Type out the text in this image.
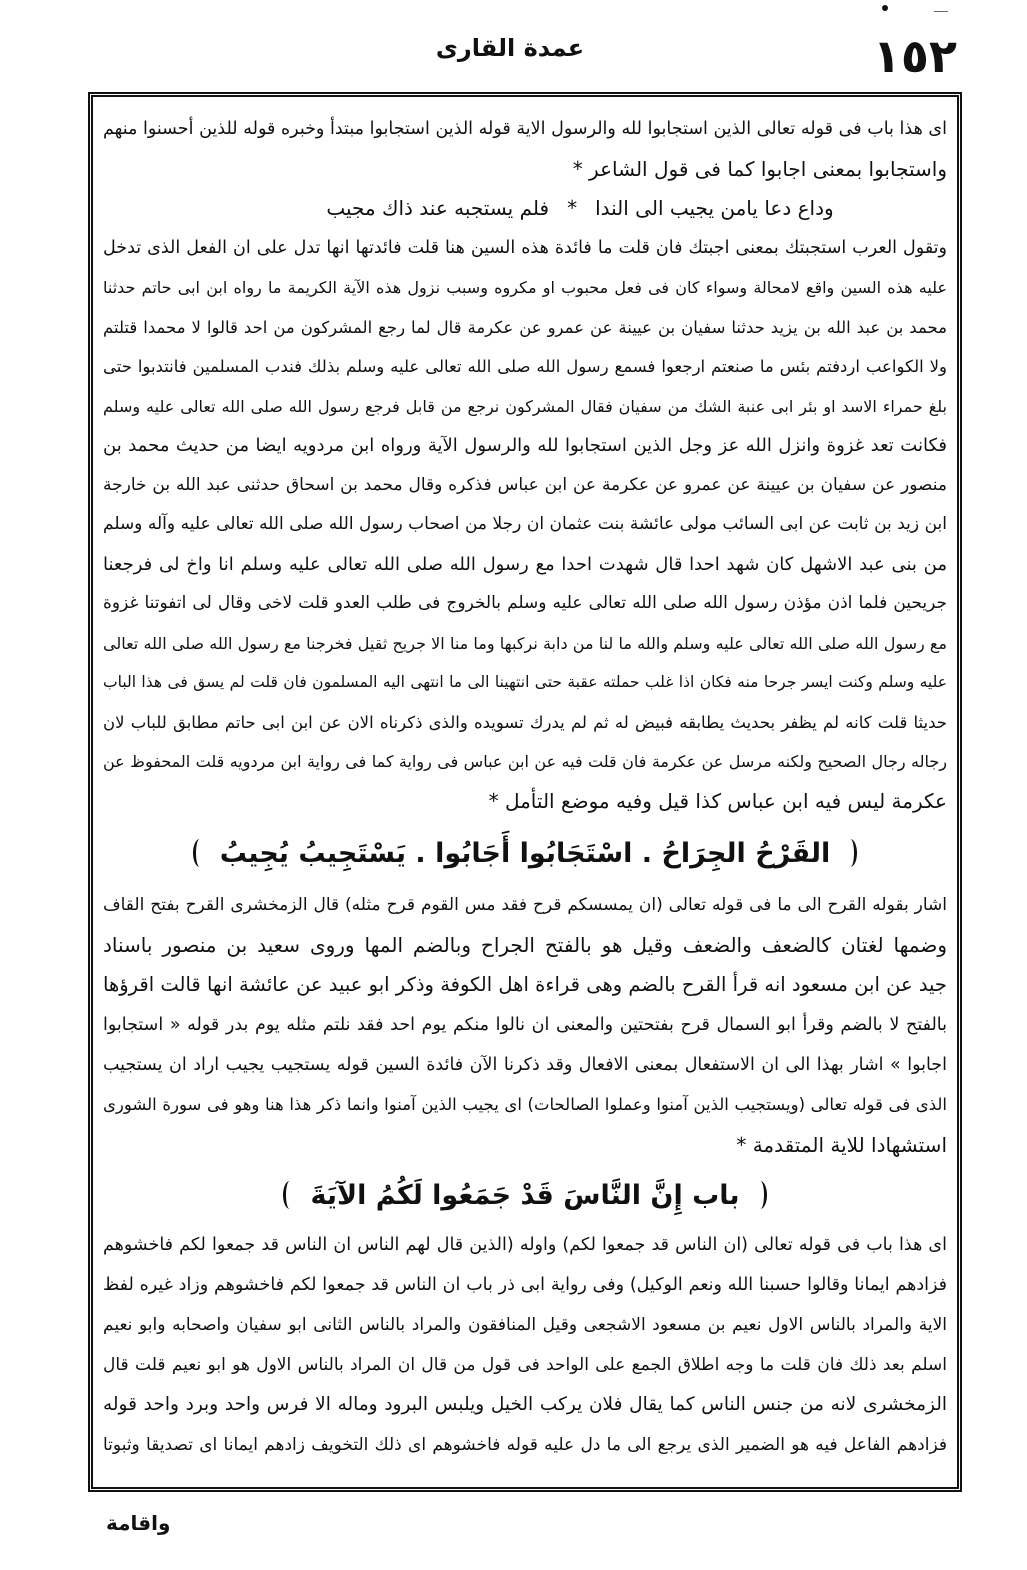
١٥٢
عمدة القارى
اى هذا باب فى قوله تعالى الذين استجابوا لله والرسول الاية قوله الذين استجابوا مبتدأ وخبره قوله للذين أحسنوا منهم
واستجابوا بمعنى اجابوا كما فى قول الشاعر *
وداع دعا يامن يجيب الى الندا
*
فلم يستجبه عند ذاك مجيب
وتقول العرب استجبتك بمعنى اجبتك فان قلت ما فائدة هذه السين هنا قلت فائدتها انها تدل على ان الفعل الذى تدخل
عليه هذه السين واقع لامحالة وسواء كان فى فعل محبوب او مكروه وسبب نزول هذه الآية الكريمة ما رواه ابن ابى حاتم حدثنا
محمد بن عبد الله بن يزيد حدثنا سفيان بن عيينة عن عمرو عن عكرمة قال لما رجع المشركون من احد قالوا لا محمدا قتلتم
ولا الكواعب اردفتم بئس ما صنعتم ارجعوا فسمع رسول الله صلى الله تعالى عليه وسلم بذلك فندب المسلمين فانتدبوا حتى
بلغ حمراء الاسد او بئر ابى عنبة الشك من سفيان فقال المشركون نرجع من قابل فرجع رسول الله صلى الله تعالى عليه وسلم
فكانت تعد غزوة وانزل الله عز وجل الذين استجابوا لله والرسول الآية ورواه ابن مردويه ايضا من حديث محمد بن
منصور عن سفيان بن عيينة عن عمرو عن عكرمة عن ابن عباس فذكره وقال محمد بن اسحاق حدثنى عبد الله بن خارجة
ابن زيد بن ثابت عن ابى السائب مولى عائشة بنت عثمان ان رجلا من اصحاب رسول الله صلى الله تعالى عليه وآله وسلم
من بنى عبد الاشهل كان شهد احدا قال شهدت احدا مع رسول الله صلى الله تعالى عليه وسلم انا واخ لى فرجعنا
جريحين فلما اذن مؤذن رسول الله صلى الله تعالى عليه وسلم بالخروج فى طلب العدو قلت لاخى وقال لى اتفوتنا غزوة
مع رسول الله صلى الله تعالى عليه وسلم والله ما لنا من دابة نركبها وما منا الا جريح ثقيل فخرجنا مع رسول الله صلى الله تعالى
عليه وسلم وكنت ايسر جرحا منه فكان اذا غلب حملته عقبة حتى انتهينا الى ما انتهى اليه المسلمون فان قلت لم يسق فى هذا الباب
حديثا قلت كانه لم يظفر بحديث يطابقه فبيض له ثم لم يدرك تسويده والذى ذكرناه الان عن ابن ابى حاتم مطابق للباب لان
رجاله رجال الصحيح ولكنه مرسل عن عكرمة فان قلت فيه عن ابن عباس فى رواية كما فى رواية ابن مردويه قلت المحفوظ عن
عكرمة ليس فيه ابن عباس كذا قيل وفيه موضع التأمل *
القَرْحُ الجِرَاحُ . اسْتَجَابُوا أَجَابُوا . يَسْتَجِيبُ يُجِيبُ
اشار بقوله القرح الى ما فى قوله تعالى (ان يمسسكم قرح فقد مس القوم قرح مثله) قال الزمخشرى القرح بفتح القاف
وضمها لغتان كالضعف والضعف وقيل هو بالفتح الجراح وبالضم المها وروى سعيد بن منصور باسناد
جيد عن ابن مسعود انه قرأ القرح بالضم وهى قراءة اهل الكوفة وذكر ابو عبيد عن عائشة انها قالت اقرؤها
بالفتح لا بالضم وقرأ ابو السمال قرح بفتحتين والمعنى ان نالوا منكم يوم احد فقد نلتم مثله يوم بدر قوله « استجابوا
اجابوا » اشار بهذا الى ان الاستفعال بمعنى الافعال وقد ذكرنا الآن فائدة السين قوله يستجيب يجيب اراد ان يستجيب
الذى فى قوله تعالى (ويستجيب الذين آمنوا وعملوا الصالحات) اى يجيب الذين آمنوا وانما ذكر هذا هنا وهو فى سورة الشورى
استشهادا للاية المتقدمة *
باب إِنَّ النَّاسَ قَدْ جَمَعُوا لَكُمُ الآيَةَ
اى هذا باب فى قوله تعالى (ان الناس قد جمعوا لكم) واوله (الذين قال لهم الناس ان الناس قد جمعوا لكم فاخشوهم
فزادهم ايمانا وقالوا حسبنا الله ونعم الوكيل) وفى رواية ابى ذر باب ان الناس قد جمعوا لكم فاخشوهم وزاد غيره لفظ
الاية والمراد بالناس الاول نعيم بن مسعود الاشجعى وقيل المنافقون والمراد بالناس الثانى ابو سفيان واصحابه وابو نعيم
اسلم بعد ذلك فان قلت ما وجه اطلاق الجمع على الواحد فى قول من قال ان المراد بالناس الاول هو ابو نعيم قلت قال
الزمخشرى لانه من جنس الناس كما يقال فلان يركب الخيل ويلبس البرود وماله الا فرس واحد وبرد واحد قوله
فزادهم الفاعل فيه هو الضمير الذى يرجع الى ما دل عليه قوله فاخشوهم اى ذلك التخويف زادهم ايمانا اى تصديقا وثبوتا
واقامة
